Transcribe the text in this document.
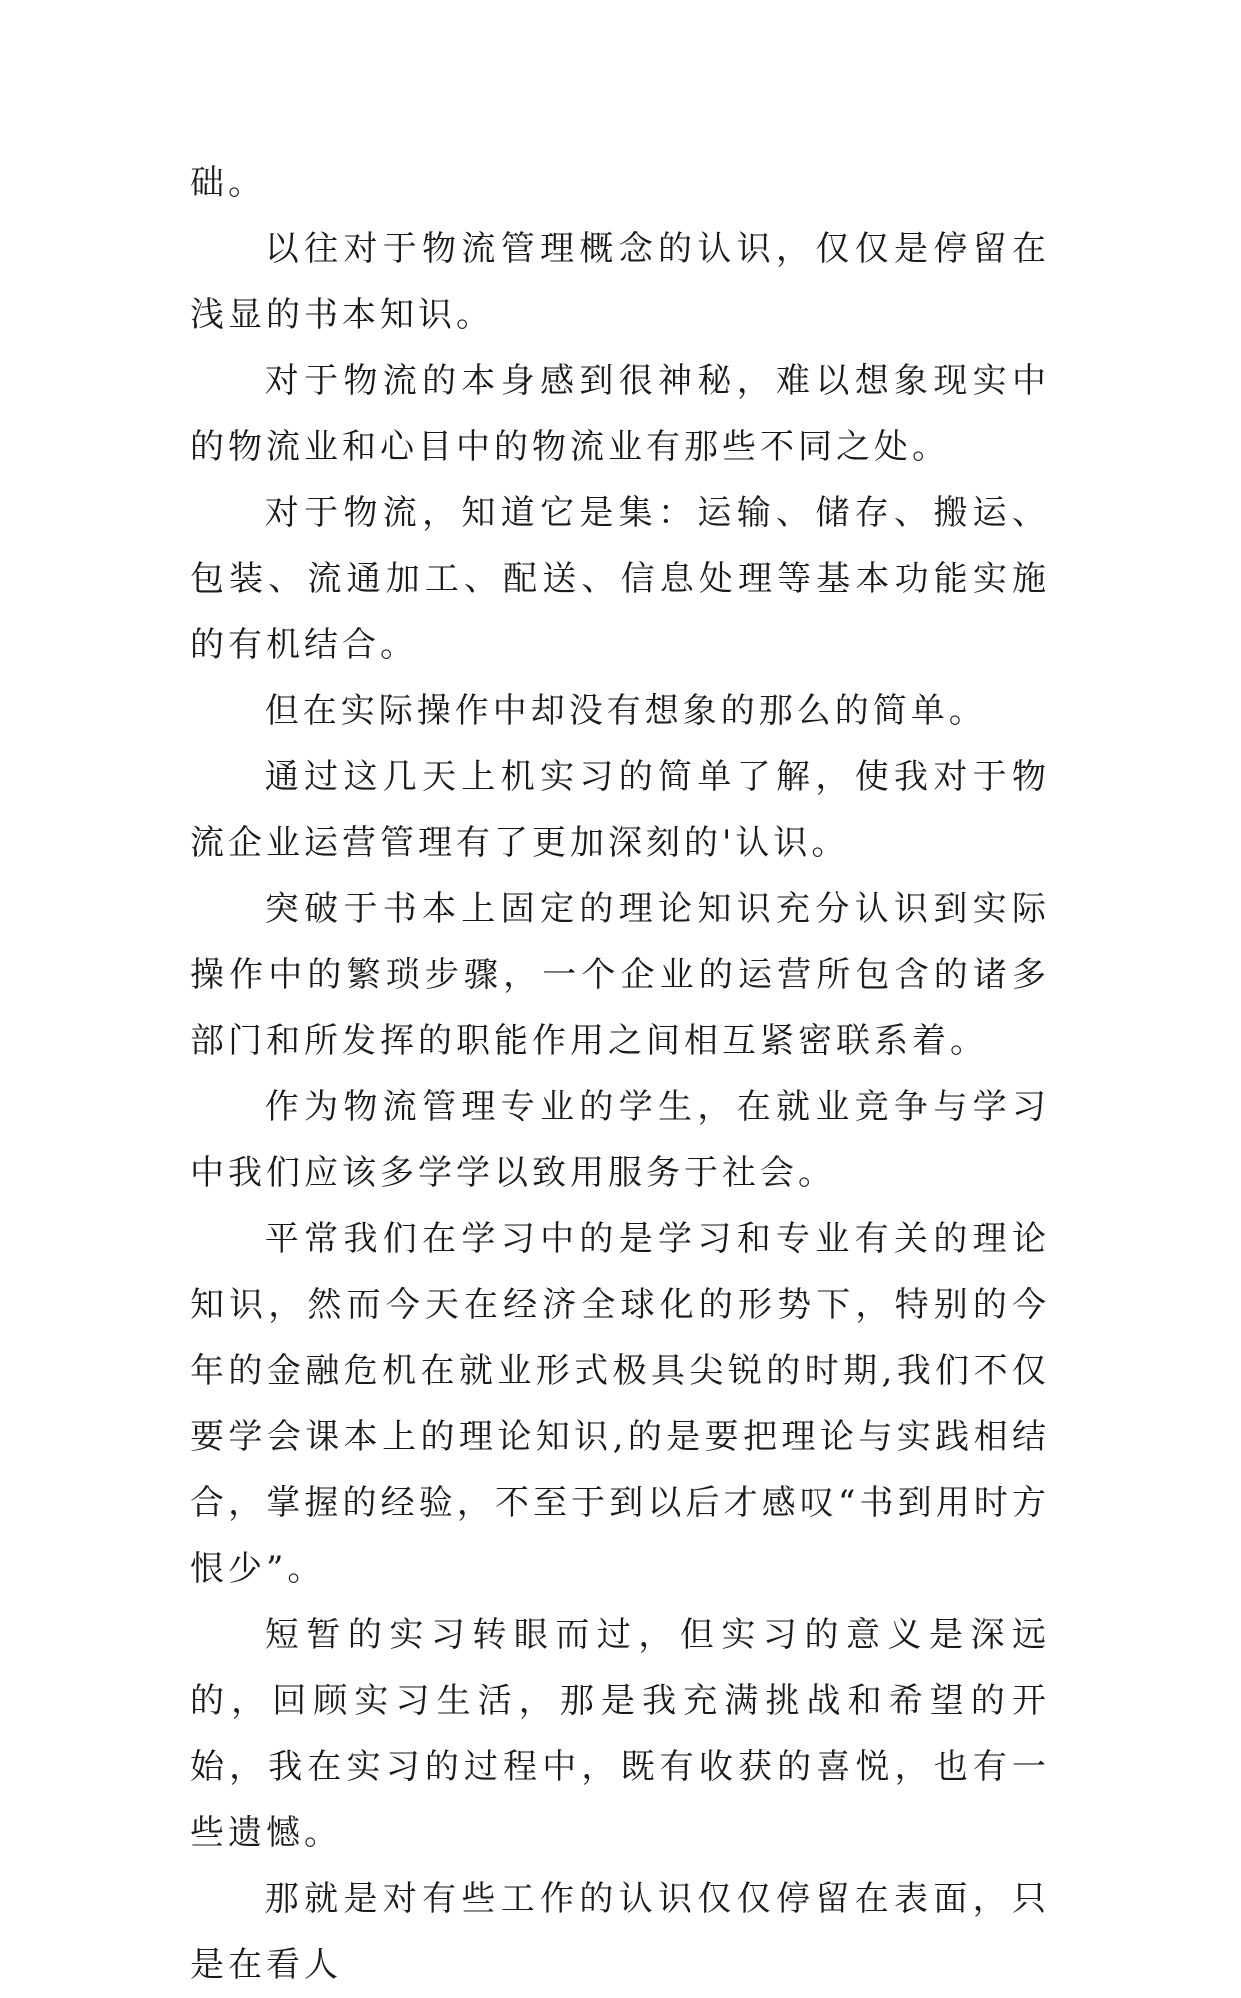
础。

以往对于物流管理概念的认识，仅仅是停留在浅显的书本知识。

对于物流的本身感到很神秘，难以想象现实中的物流业和心目中的物流业有那些不同之处。

对于物流，知道它是集：运输、储存、搬运、包装、流通加工、配送、信息处理等基本功能实施的有机结合。

但在实际操作中却没有想象的那么的简单。

通过这几天上机实习的简单了解，使我对于物流企业运营管理有了更加深刻的'认识。

突破于书本上固定的理论知识充分认识到实际操作中的繁琐步骤，一个企业的运营所包含的诸多部门和所发挥的职能作用之间相互紧密联系着。

作为物流管理专业的学生，在就业竞争与学习中我们应该多学学以致用服务于社会。

平常我们在学习中的是学习和专业有关的理论知识，然而今天在经济全球化的形势下，特别的今年的金融危机在就业形式极具尖锐的时期,我们不仅要学会课本上的理论知识,的是要把理论与实践相结合，掌握的经验，不至于到以后才感叹“书到用时方恨少”。

短暂的实习转眼而过，但实习的意义是深远的，回顾实习生活，那是我充满挑战和希望的开始，我在实习的过程中，既有收获的喜悦，也有一些遗憾。

那就是对有些工作的认识仅仅停留在表面，只是在看人
